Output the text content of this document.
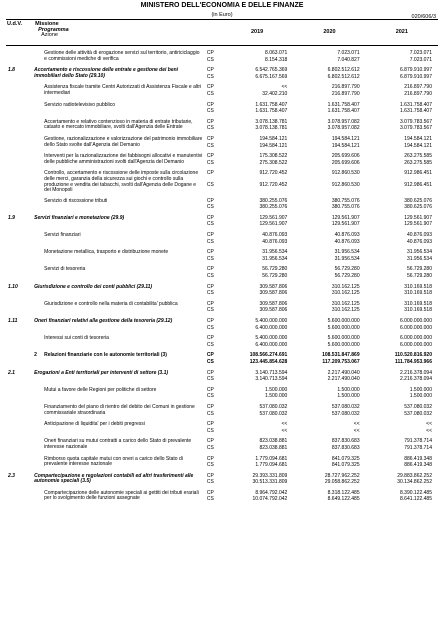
MINISTERO DELL'ECONOMIA E DELLE FINANZE
(in Euro)	020/606/3
U.d.V.	Missione
Programma
Azione			2019	2020	2021

		Gestione delle attività di erogazione servizi sul territorio, antiriciclaggio e commissioni mediche di verifica	CP	8.063.071	7.023.071	7.023.071
			CS	8.154.318	7.040.827	7.023.071

1.8	Accertamento e riscossione delle entrate e gestione dei beni immobiliari dello Stato (29.10)		CP	6.542.765.369	6.802.512.612	6.879.910.997
			CS	6.675.167.569	6.802.512.612	6.879.910.997

		Assistenza fiscale tramite Centri Autorizzati di Assistenza Fiscale e altri intermediari	CP	<<	216.897.790	216.897.790
			CS	32.402.210	216.897.790	216.897.790

		Servizio radiotelevisivo pubblico	CP	1.631.758.407	1.631.758.407	1.631.758.407
			CS	1.631.758.407	1.631.758.407	1.631.758.407

		Accertamento e relativo contenzioso in materia di entrate tributarie, catasto e mercato immobiliare, svolti dall'Agenzia delle Entrate	CP	3.078.138.781	3.078.957.082	3.079.783.567
			CS	3.078.138.781	3.078.957.082	3.079.783.567

		Gestione, razionalizzazione e valorizzazione del patrimonio immobiliare dello Stato svolte dall'Agenzia del Demanio	CP	194.584.121	194.584.121	194.584.121
			CS	194.584.121	194.584.121	194.584.121

		Interventi per la razionalizzazione dei fabbisogni allocativi e manutentivi delle pubbliche amministrazioni svolti dall'Agenzia del Demanio	CP	175.308.522	205.699.606	263.275.585
			CS	275.308.522	205.699.606	263.275.585

		Controllo, accertamento e riscossione delle imposte sulla circolazione delle merci, garanzia della sicurezza sui giochi e controllo sulla produzione e vendita dei tabacchi, svolti dall'Agenzia delle Dogane e dei Monopoli	CP	912.720.452	912.860.530	912.986.451
			CS	912.720.452	912.860.530	912.986.451

		Servizio di riscossione tributi	CP	380.255.076	380.755.076	380.625.076
			CS	380.255.076	380.755.076	380.625.076

1.9	Servizi finanziari e monetazione (29.9)		CP	129.561.907	129.561.907	129.561.907
			CS	129.561.907	129.561.907	129.561.907

		Servizi finanziari	CP	40.876.093	40.876.093	40.876.093
			CS	40.876.093	40.876.093	40.876.093

		Monetazione metallica, trasporto e distribuzione monete	CP	31.956.534	31.956.534	31.956.534
			CS	31.956.534	31.956.534	31.956.534

		Servizi di tesoreria	CP	56.729.280	56.729.280	56.729.280
			CS	56.729.280	56.729.280	56.729.280

1.10	Giurisdizione e controllo dei conti pubblici (29.11)		CP	309.587.806	310.162.125	310.169.518
			CS	309.587.806	310.162.125	310.169.518

		Giurisdizione e controllo nella materia di contabilita' pubblica	CP	309.587.806	310.162.125	310.169.518
			CS	309.587.806	310.162.125	310.169.518

1.11	Oneri finanziari relativi alla gestione della tesoreria (29.12)		CP	5.400.000.000	5.600.000.000	6.000.000.000
			CS	6.400.000.000	5.600.000.000	6.000.000.000

		Interessi sui conti di tesoreria	CP	5.400.000.000	5.600.000.000	6.000.000.000
			CS	6.400.000.000	5.600.000.000	6.000.000.000

	2	Relazioni finanziarie con le autonomie territoriali (3)	CP	108.566.274.691	108.531.847.869	110.520.816.920
			CS	123.445.854.628	117.209.753.067	111.784.953.966

2.1	Erogazioni a Enti territoriali per interventi di settore (3.1)		CP	3.140.713.594	2.217.490.040	2.216.378.094
			CS	3.140.713.594	2.217.490.040	2.216.378.094

		Mutui a favore delle Regioni per politiche di settore	CP	1.500.000	1.500.000	1.500.000
			CS	1.500.000	1.500.000	1.500.000

		Finanziamento del piano di rientro del debito dei Comuni in gestione commissariale straordinaria	CP	537.080.032	537.080.032	537.080.032
			CS	537.080.032	537.080.032	537.080.032

		Anticipazione di liquidita' per i debiti pregressi	CP	<<	<<	<<
			CS	<<	<<	<<

		Oneri finanziari su mutui contratti a carico dello Stato di prevalente interesse nazionale	CP	823.038.881	837.830.683	791.378.714
			CS	823.038.881	837.830.683	791.378.714

		Rimborso quota capitale mutui con oneri a carico dello Stato di prevalente interesse nazionale	CP	1.779.094.681	841.079.325	886.419.348
			CS	1.779.094.681	841.079.325	886.419.348

2.3	Compartecipazione e regolazioni contabili ed altri trasferimenti alle autonomie speciali (3.5)		CP	29.393.331.809	28.727.962.252	29.883.862.252
			CS	30.513.331.809	29.058.862.252	30.134.862.252

		Compartecipazione delle autonomie speciali ai gettiti dei tributi erariali per lo svolgimento delle funzioni assegnate	CP	8.964.792.042	8.318.122.485	8.390.122.485
			CS	10.074.792.042	8.649.122.485	8.641.122.485
